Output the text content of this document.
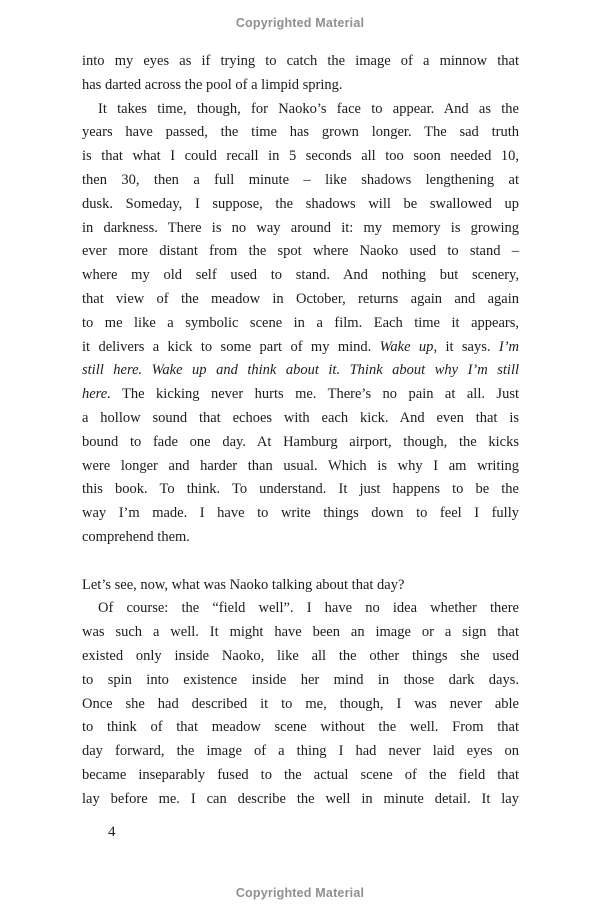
Copyrighted Material
into my eyes as if trying to catch the image of a minnow that
has darted across the pool of a limpid spring.
It takes time, though, for Naoko’s face to appear. And as the
years have passed, the time has grown longer. The sad truth
is that what I could recall in 5 seconds all too soon needed 10,
then 30, then a full minute – like shadows lengthening at
dusk. Someday, I suppose, the shadows will be swallowed up
in darkness. There is no way around it: my memory is growing
ever more distant from the spot where Naoko used to stand –
where my old self used to stand. And nothing but scenery,
that view of the meadow in October, returns again and again
to me like a symbolic scene in a film. Each time it appears,
it delivers a kick to some part of my mind. Wake up, it says. I’m
still here. Wake up and think about it. Think about why I’m still
here. The kicking never hurts me. There’s no pain at all. Just
a hollow sound that echoes with each kick. And even that is
bound to fade one day. At Hamburg airport, though, the kicks
were longer and harder than usual. Which is why I am writing
this book. To think. To understand. It just happens to be the
way I’m made. I have to write things down to feel I fully
comprehend them.
Let’s see, now, what was Naoko talking about that day?
Of course: the “field well”. I have no idea whether there
was such a well. It might have been an image or a sign that
existed only inside Naoko, like all the other things she used
to spin into existence inside her mind in those dark days.
Once she had described it to me, though, I was never able
to think of that meadow scene without the well. From that
day forward, the image of a thing I had never laid eyes on
became inseparably fused to the actual scene of the field that
lay before me. I can describe the well in minute detail. It lay
4
Copyrighted Material
